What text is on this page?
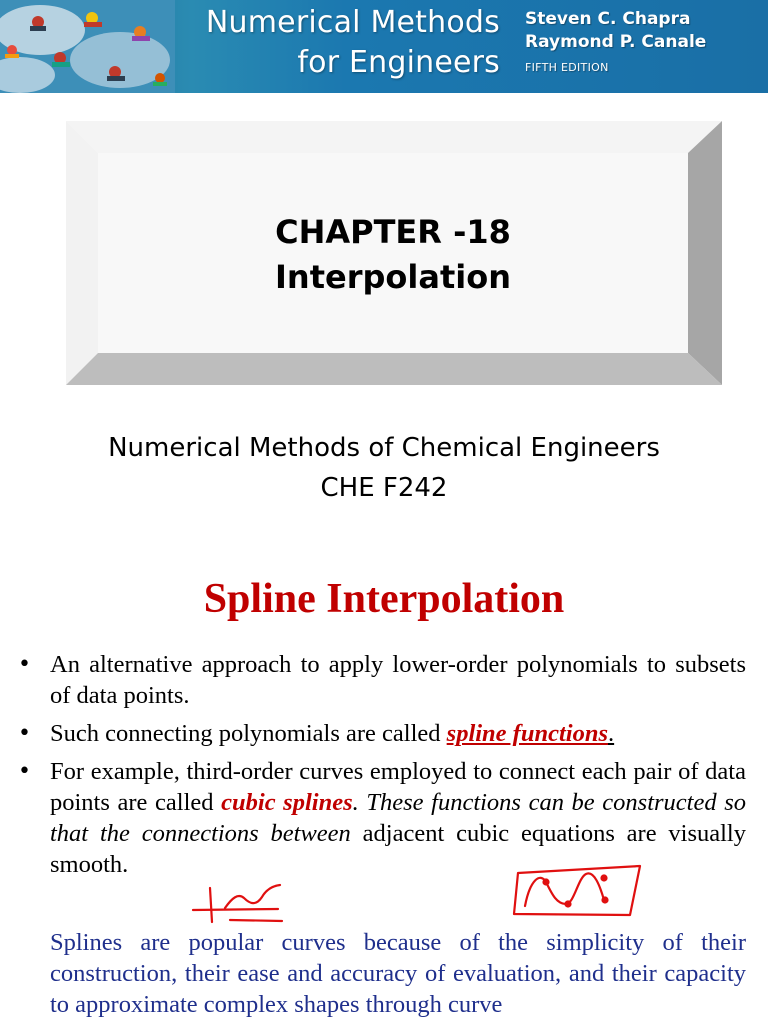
Numerical Methods
for Engineers
Steven C. Chapra
Raymond P. Canale
FIFTH EDITION
CHAPTER -18
Interpolation
Numerical Methods of Chemical Engineers
CHE F242
Spline Interpolation
• An alternative approach to apply lower-order polynomials to subsets of data points.
• Such connecting polynomials are called spline functions.
• For example, third-order curves employed to connect each pair of data points are called cubic splines. These functions can be constructed so that the connections between adjacent cubic equations are visually smooth.

Splines are popular curves because of the simplicity of their construction, their ease and accuracy of evaluation, and their capacity to approximate complex shapes through curve
